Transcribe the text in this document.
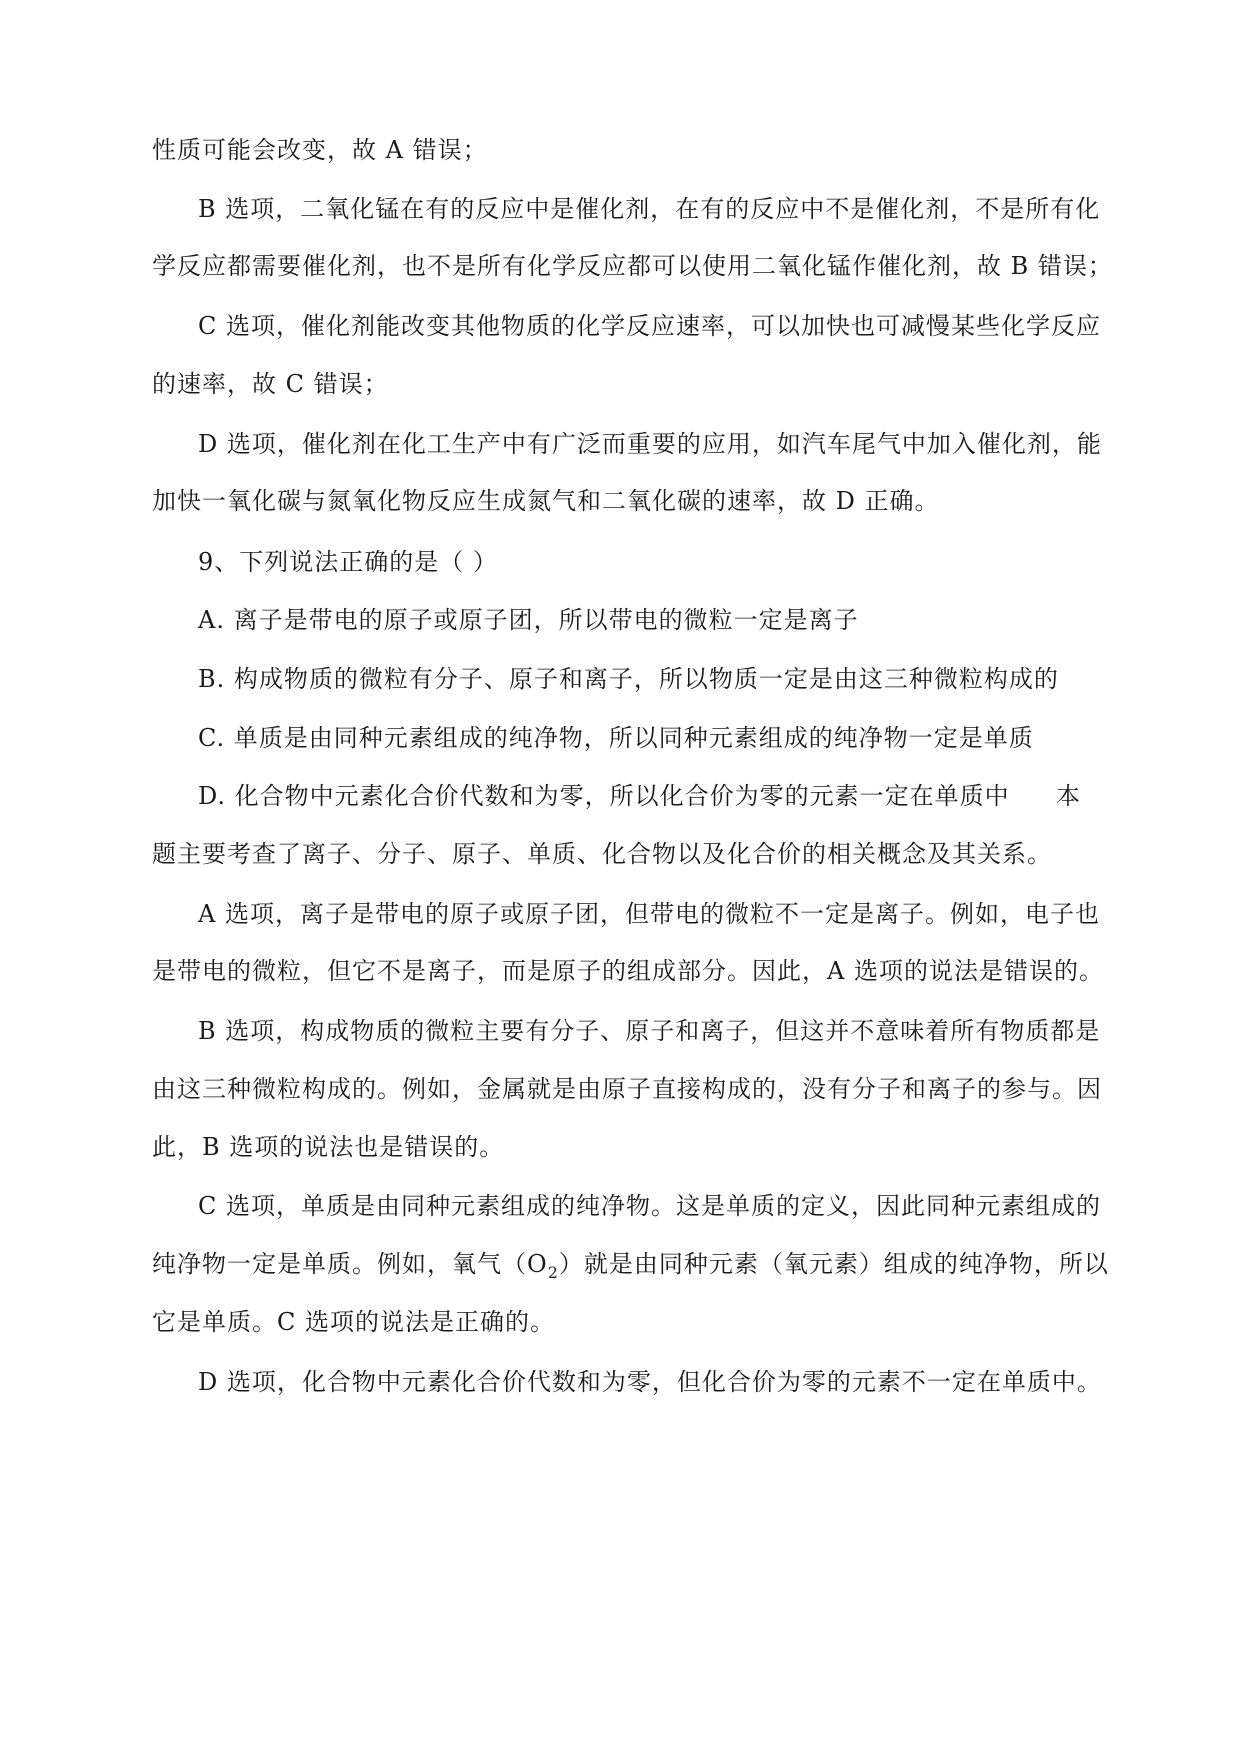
性质可能会改变，故 A 错误；
B 选项，二氧化锰在有的反应中是催化剂，在有的反应中不是催化剂，不是所有化
学反应都需要催化剂，也不是所有化学反应都可以使用二氧化锰作催化剂，故 B 错误；
C 选项，催化剂能改变其他物质的化学反应速率，可以加快也可减慢某些化学反应
的速率，故 C 错误；
D 选项，催化剂在化工生产中有广泛而重要的应用，如汽车尾气中加入催化剂，能
加快一氧化碳与氮氧化物反应生成氮气和二氧化碳的速率，故 D 正确。
9、下列说法正确的是（ ）
A. 离子是带电的原子或原子团，所以带电的微粒一定是离子
B. 构成物质的微粒有分子、原子和离子，所以物质一定是由这三种微粒构成的
C. 单质是由同种元素组成的纯净物，所以同种元素组成的纯净物一定是单质
D. 化合物中元素化合价代数和为零，所以化合价为零的元素一定在单质中 本
题主要考查了离子、分子、原子、单质、化合物以及化合价的相关概念及其关系。
A 选项，离子是带电的原子或原子团，但带电的微粒不一定是离子。例如，电子也
是带电的微粒，但它不是离子，而是原子的组成部分。因此，A 选项的说法是错误的。
B 选项，构成物质的微粒主要有分子、原子和离子，但这并不意味着所有物质都是
由这三种微粒构成的。例如，金属就是由原子直接构成的，没有分子和离子的参与。因
此，B 选项的说法也是错误的。
C 选项，单质是由同种元素组成的纯净物。这是单质的定义，因此同种元素组成的
纯净物一定是单质。例如，氧气$(O_2)$就是由同种元素（氧元素）组成的纯净物，所以
它是单质。C 选项的说法是正确的。
D 选项，化合物中元素化合价代数和为零，但化合价为零的元素不一定在单质中。
